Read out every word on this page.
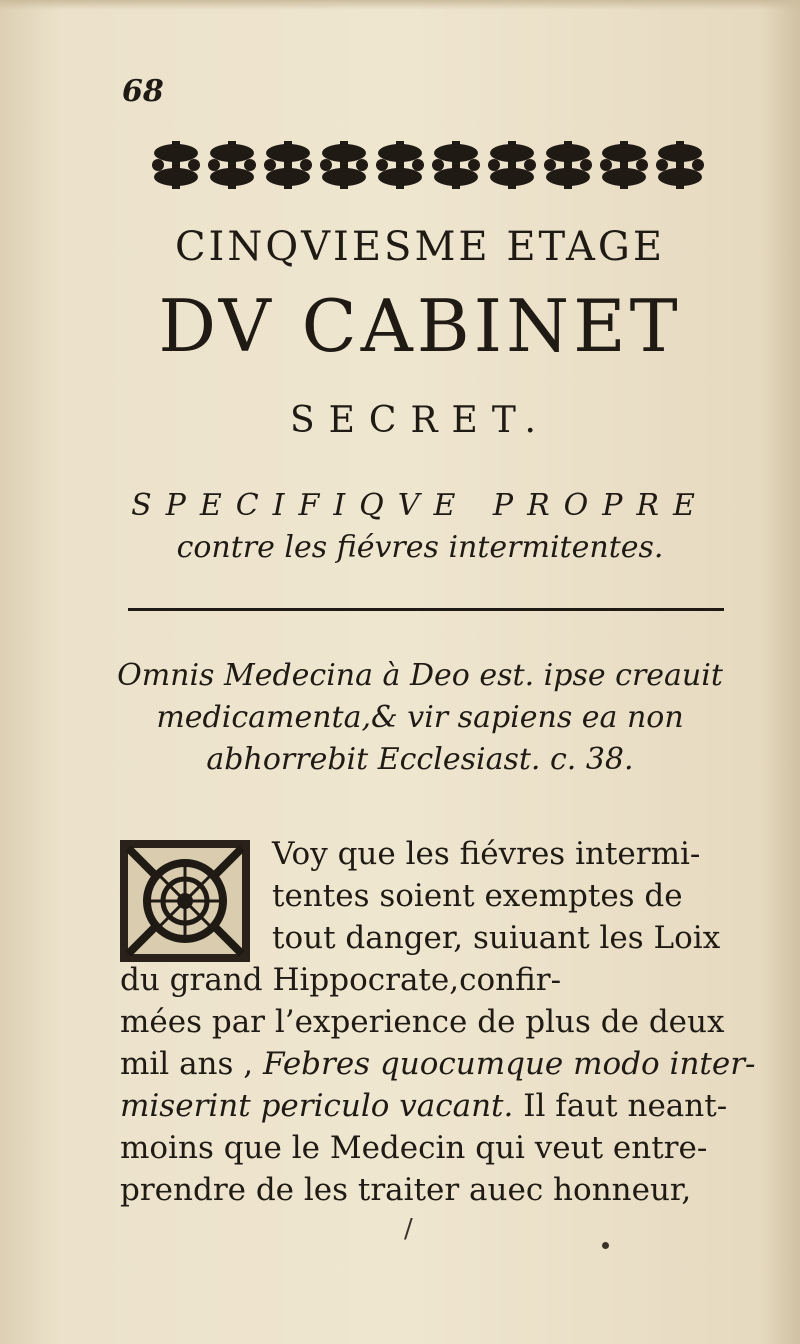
68
CINQVIESME ETAGE
DV CABINET
SECRET.
SPECIFIQVE PROPRE
contre les fiévres intermitentes.
Omnis Medecina à Deo est. ipse creauit
medicamenta,& vir sapiens ea non
abhorrebit Ecclesiast. c. 38.
Voy que les fiévres intermi-
tentes soient exemptes de
tout danger, suiuant les Loix
du grand Hippocrate,confir-
mées par l’experience de plus de deux
mil ans , Febres quocumque modo inter-
miserint periculo vacant. Il faut neant-
moins que le Medecin qui veut entre-
prendre de les traiter auec honneur,
/
